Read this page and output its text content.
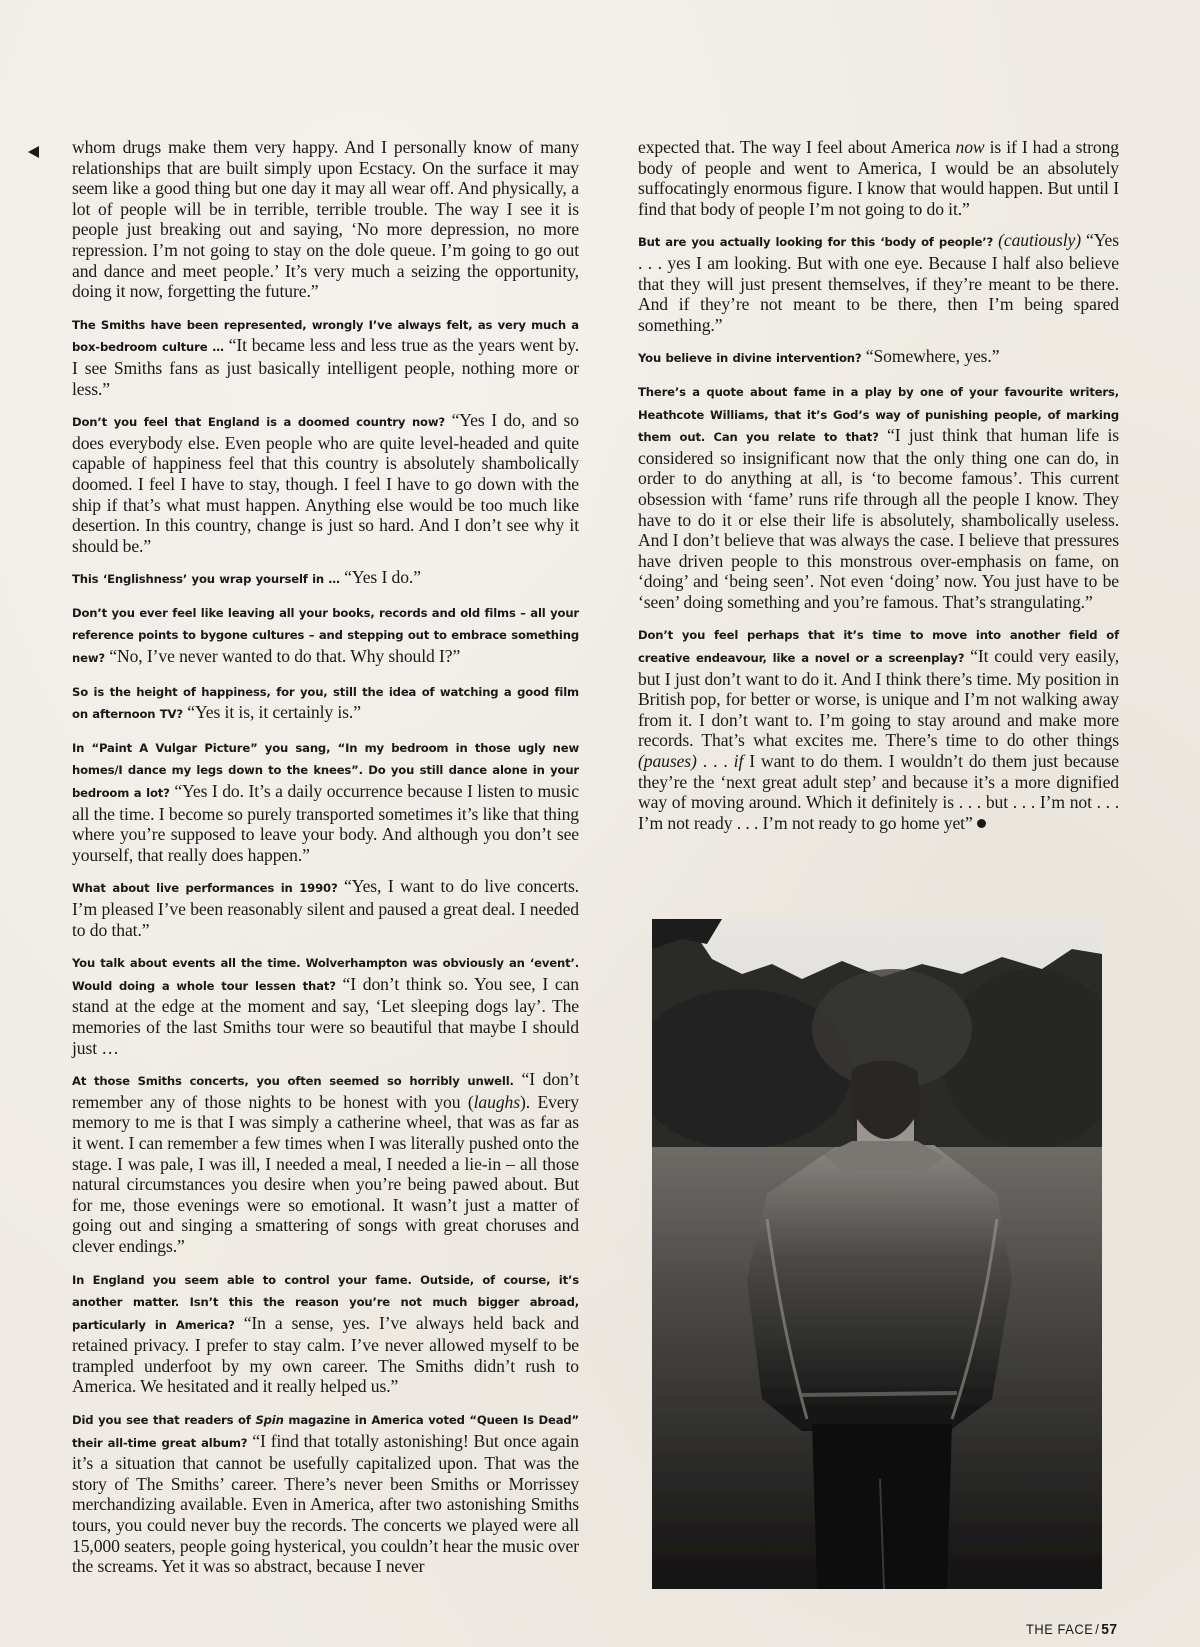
whom drugs make them very happy. And I personally know of many relationships that are built simply upon Ecstacy. On the surface it may seem like a good thing but one day it may all wear off. And physically, a lot of people will be in terrible, terrible trouble. The way I see it is people just breaking out and saying, ‘No more depression, no more repression. I’m not going to stay on the dole queue. I’m going to go out and dance and meet people.’ It’s very much a seizing the opportunity, doing it now, forgetting the future.”

The Smiths have been represented, wrongly I’ve always felt, as very much a box-bedroom culture … “It became less and less true as the years went by. I see Smiths fans as just basically intelligent people, nothing more or less.”

Don’t you feel that England is a doomed country now? “Yes I do, and so does everybody else. Even people who are quite level-headed and quite capable of happiness feel that this country is absolutely shambolically doomed. I feel I have to stay, though. I feel I have to go down with the ship if that’s what must happen. Anything else would be too much like desertion. In this country, change is just so hard. And I don’t see why it should be.”

This ‘Englishness’ you wrap yourself in … “Yes I do.”

Don’t you ever feel like leaving all your books, records and old films – all your reference points to bygone cultures – and stepping out to embrace something new? “No, I’ve never wanted to do that. Why should I?”

So is the height of happiness, for you, still the idea of watching a good film on afternoon TV? “Yes it is, it certainly is.”

In “Paint A Vulgar Picture” you sang, “In my bedroom in those ugly new homes/I dance my legs down to the knees”. Do you still dance alone in your bedroom a lot? “Yes I do. It’s a daily occurrence because I listen to music all the time. I become so purely transported sometimes it’s like that thing where you’re supposed to leave your body. And although you don’t see yourself, that really does happen.”

What about live performances in 1990? “Yes, I want to do live concerts. I’m pleased I’ve been reasonably silent and paused a great deal. I needed to do that.”

You talk about events all the time. Wolverhampton was obviously an ‘event’. Would doing a whole tour lessen that? “I don’t think so. You see, I can stand at the edge at the moment and say, ‘Let sleeping dogs lay’. The memories of the last Smiths tour were so beautiful that maybe I should just …

At those Smiths concerts, you often seemed so horribly unwell. “I don’t remember any of those nights to be honest with you (laughs). Every memory to me is that I was simply a catherine wheel, that was as far as it went. I can remember a few times when I was literally pushed onto the stage. I was pale, I was ill, I needed a meal, I needed a lie-in – all those natural circumstances you desire when you’re being pawed about. But for me, those evenings were so emotional. It wasn’t just a matter of going out and singing a smattering of songs with great choruses and clever endings.”

In England you seem able to control your fame. Outside, of course, it’s another matter. Isn’t this the reason you’re not much bigger abroad, particularly in America? “In a sense, yes. I’ve always held back and retained privacy. I prefer to stay calm. I’ve never allowed myself to be trampled underfoot by my own career. The Smiths didn’t rush to America. We hesitated and it really helped us.”

Did you see that readers of Spin magazine in America voted “Queen Is Dead” their all-time great album? “I find that totally astonishing! But once again it’s a situation that cannot be usefully capitalized upon. That was the story of The Smiths’ career. There’s never been Smiths or Morrissey merchandizing available. Even in America, after two astonishing Smiths tours, you could never buy the records. The concerts we played were all 15,000 seaters, people going hysterical, you couldn’t hear the music over the screams. Yet it was so abstract, because I never

expected that. The way I feel about America now is if I had a strong body of people and went to America, I would be an absolutely suffocatingly enormous figure. I know that would happen. But until I find that body of people I’m not going to do it.”

But are you actually looking for this ‘body of people’? (cautiously) “Yes . . . yes I am looking. But with one eye. Because I half also believe that they will just present themselves, if they’re meant to be there. And if they’re not meant to be there, then I’m being spared something.”

You believe in divine intervention? “Somewhere, yes.”

There’s a quote about fame in a play by one of your favourite writers, Heathcote Williams, that it’s God’s way of punishing people, of marking them out. Can you relate to that? “I just think that human life is considered so insignificant now that the only thing one can do, in order to do anything at all, is ‘to become famous’. This current obsession with ‘fame’ runs rife through all the people I know. They have to do it or else their life is absolutely, shambolically useless. And I don’t believe that was always the case. I believe that pressures have driven people to this monstrous over-emphasis on fame, on ‘doing’ and ‘being seen’. Not even ‘doing’ now. You just have to be ‘seen’ doing something and you’re famous. That’s strangulating.”

Don’t you feel perhaps that it’s time to move into another field of creative endeavour, like a novel or a screenplay? “It could very easily, but I just don’t want to do it. And I think there’s time. My position in British pop, for better or worse, is unique and I’m not walking away from it. I don’t want to. I’m going to stay around and make more records. That’s what excites me. There’s time to do other things (pauses) . . . if I want to do them. I wouldn’t do them just because they’re the ‘next great adult step’ and because it’s a more dignified way of moving around. Which it definitely is . . . but . . . I’m not . . . I’m not ready . . . I’m not ready to go home yet”

THE FACE / 57
